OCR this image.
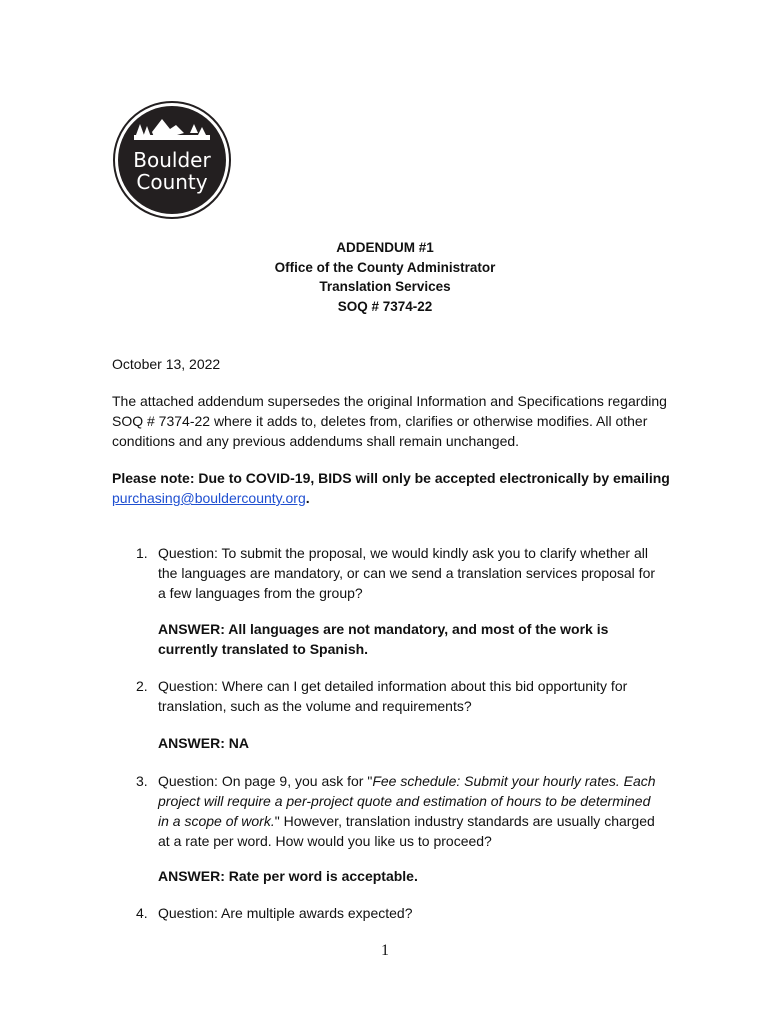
Boulder
County
ADDENDUM #1
Office of the County Administrator
Translation Services
SOQ # 7374-22
October 13, 2022
The attached addendum supersedes the original Information and Specifications regarding SOQ # 7374-22 where it adds to, deletes from, clarifies or otherwise modifies. All other conditions and any previous addendums shall remain unchanged.
Please note: Due to COVID-19, BIDS will only be accepted electronically by emailing purchasing@bouldercounty.org.
1. Question: To submit the proposal, we would kindly ask you to clarify whether all the languages are mandatory, or can we send a translation services proposal for a few languages from the group?
ANSWER: All languages are not mandatory, and most of the work is currently translated to Spanish.
2. Question: Where can I get detailed information about this bid opportunity for translation, such as the volume and requirements?
ANSWER: NA
3. Question: On page 9, you ask for "Fee schedule: Submit your hourly rates. Each project will require a per-project quote and estimation of hours to be determined in a scope of work." However, translation industry standards are usually charged at a rate per word. How would you like us to proceed?
ANSWER: Rate per word is acceptable.
4. Question: Are multiple awards expected?
1
